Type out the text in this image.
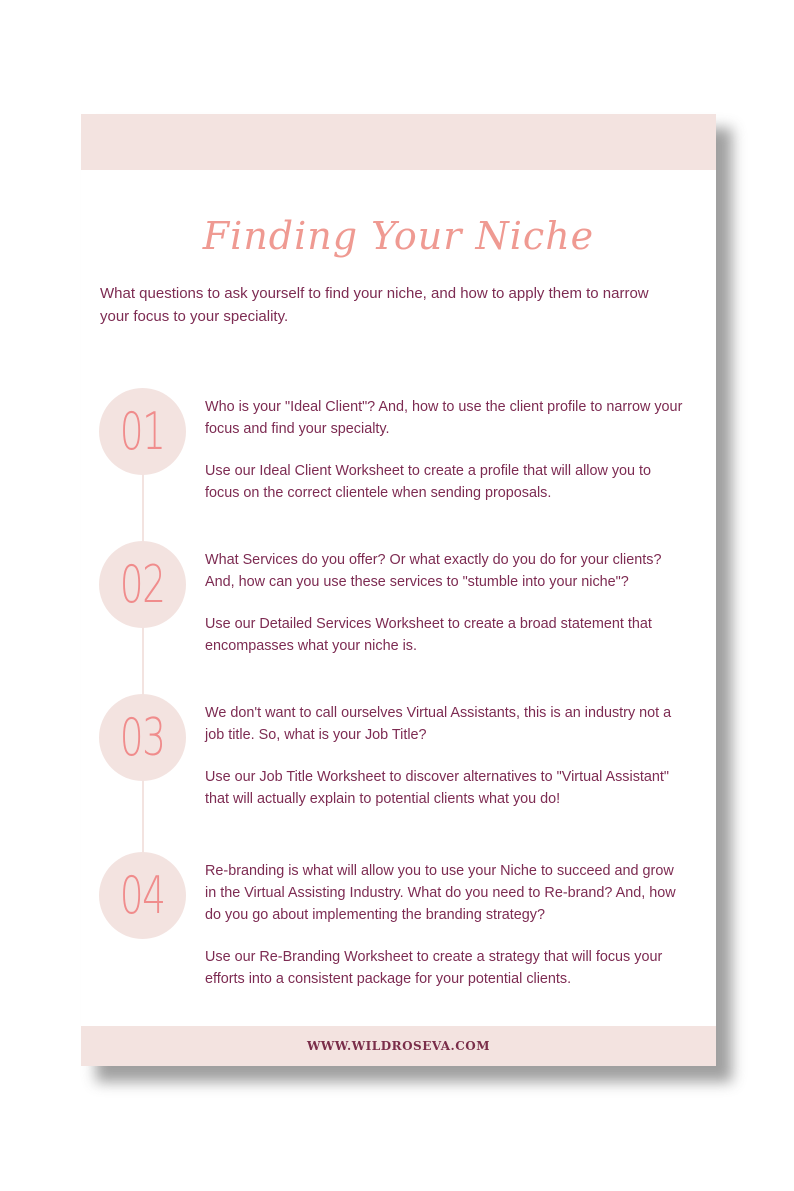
Finding Your Niche
What questions to ask yourself to find your niche, and how to apply them to narrow your focus to your speciality.
01	Who is your "Ideal Client"? And, how to use the client profile to narrow your focus and find your specialty.

Use our Ideal Client Worksheet to create a profile that will allow you to focus on the correct clientele when sending proposals.

02	What Services do you offer? Or what exactly do you do for your clients? And, how can you use these services to "stumble into your niche"?

Use our Detailed Services Worksheet to create a broad statement that encompasses what your niche is.

03	We don't want to call ourselves Virtual Assistants, this is an industry not a job title. So, what is your Job Title?

Use our Job Title Worksheet to discover alternatives to "Virtual Assistant" that will actually explain to potential clients what you do!

04	Re-branding is what will allow you to use your Niche to succeed and grow in the Virtual Assisting Industry. What do you need to Re-brand? And, how do you go about implementing the branding strategy?

Use our Re-Branding Worksheet to create a strategy that will focus your efforts into a consistent package for your potential clients.

WWW.WILDROSEVA.COM
